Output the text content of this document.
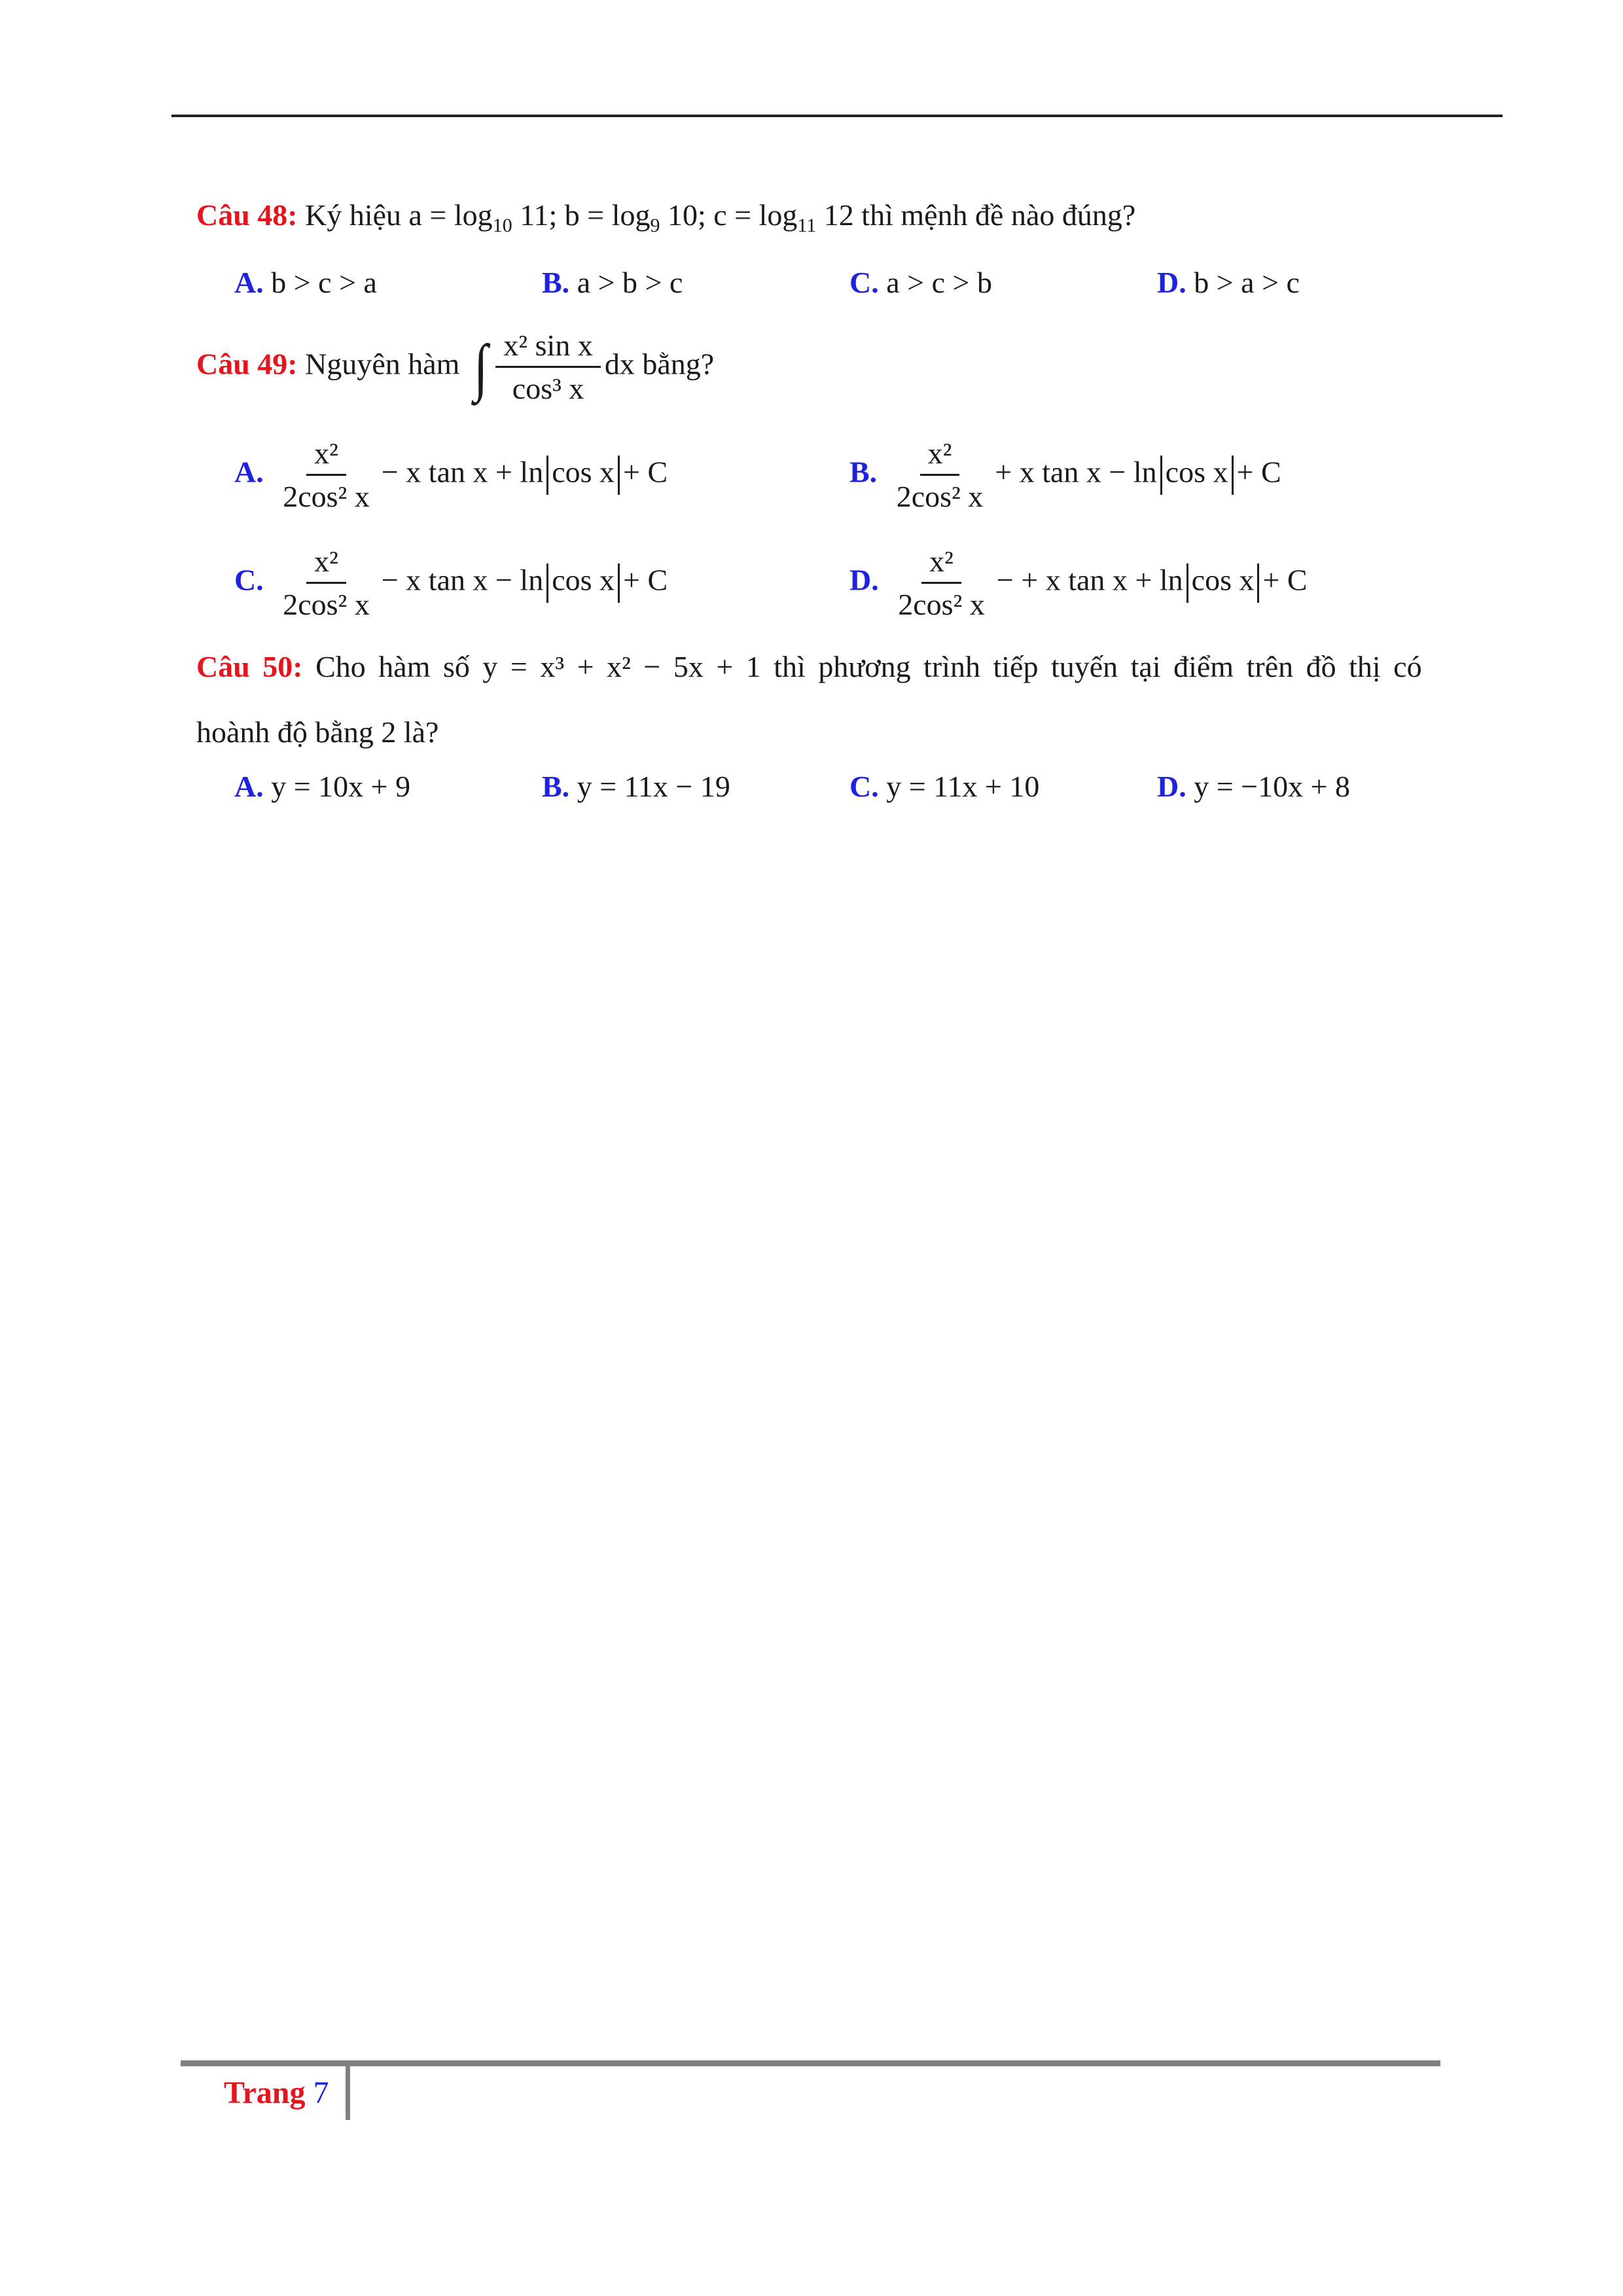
Câu 48: Ký hiệu $a = \log_{10} 11$; $b = \log_9 10$; $c = \log_{11} 12$ thì mệnh đề nào đúng?
A. b > c > a	B. a > b > c	C. a > c > b	D. b > a > c
Câu 49: Nguyên hàm ∫ $\frac{\text{x² sin x}}{\text{cos³ x}}$ dx bằng?
A. $\frac{\text{x²}}{\text{2cos² x}} - x$ tan x + ln cos x + C	B. $\frac{\text{x²}}{\text{2cos² x}} + x$ tan x − ln cos x + C
C. $\frac{\text{x²}}{\text{2cos² x}} - x$ tan x − ln cos x + C	D. $\frac{\text{x²}}{\text{2cos² x}}$ − + x tan x + ln cos x + C
Câu 50: Cho hàm số y = x³ + x² − 5x + 1 thì phương trình tiếp tuyến tại điểm trên đồ thị có
hoành độ bằng 2 là?
A. y = 10x + 9	B. y = 11x − 19	C. y = 11x + 10	D. y = −10x + 8
Trang 7
